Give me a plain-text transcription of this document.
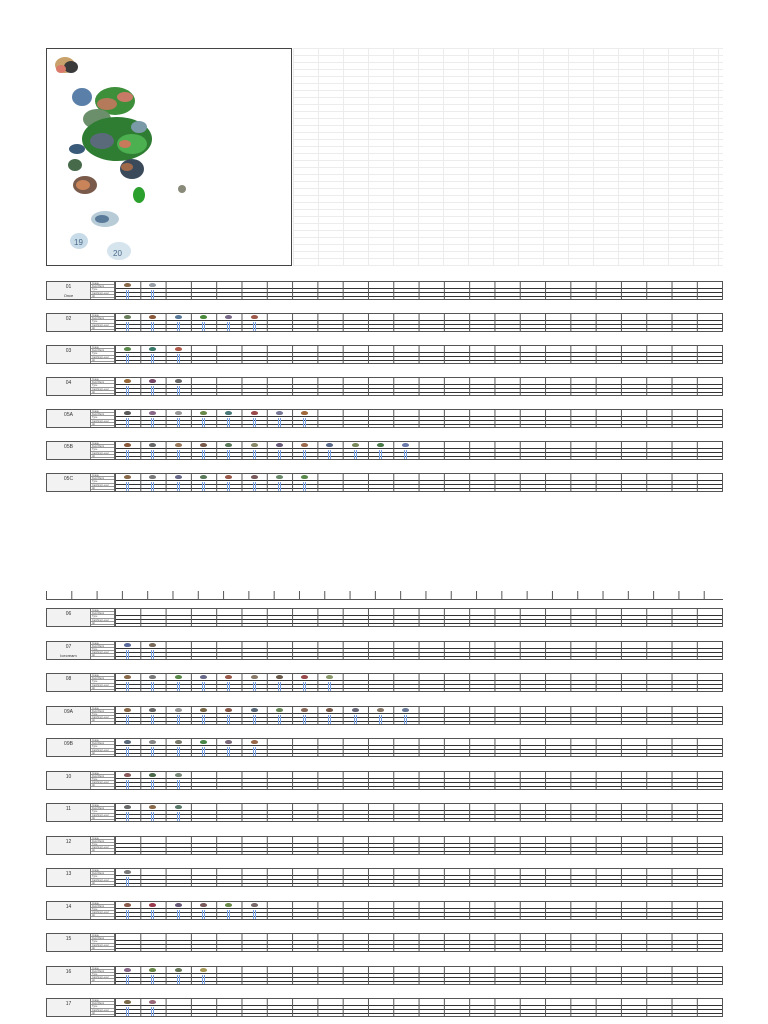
19
20
01
Once
Image
Field Rank
Type
Catching Level
Alt
02
Image
Field Rank
Type
Catching Level
Alt
03
Image
Field Rank
Type
Catching Level
Alt
04
Image
Field Rank
Type
Catching Level
Alt
05A
Image
Field Rank
Type
Catching Level
Alt
05B
Image
Field Rank
Type
Catching Level
Alt
05C
Image
Field Rank
Type
Catching Level
Alt
06
Image
Field Rank
Type
Catching Level
Alt
07
Icecream
Image
Field Rank
Type
Catching Level
Alt
08
Image
Field Rank
Type
Catching Level
Alt
09A
Image
Field Rank
Type
Catching Level
Alt
09B
Image
Field Rank
Type
Catching Level
Alt
10
Image
Field Rank
Type
Catching Level
Alt
11
Image
Field Rank
Type
Catching Level
Alt
12
Image
Field Rank
Type
Catching Level
Alt
13
Image
Field Rank
Type
Catching Level
Alt
14
Image
Field Rank
Type
Catching Level
Alt
15
Image
Field Rank
Type
Catching Level
Alt
16
Image
Field Rank
Type
Catching Level
Alt
17
Image
Field Rank
Type
Catching Level
Alt
